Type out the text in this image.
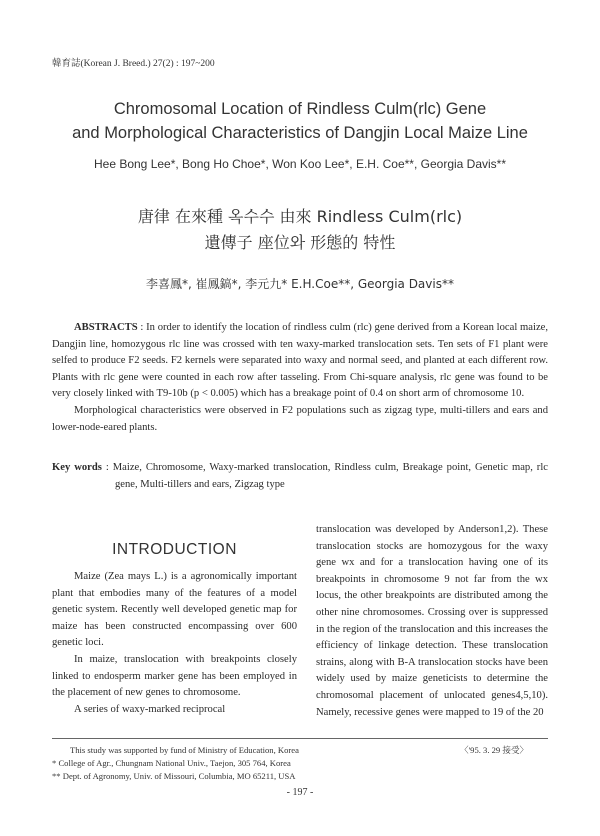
韓育誌(Korean J. Breed.) 27(2) : 197~200
Chromosomal Location of Rindless Culm(rlc) Gene
and Morphological Characteristics of Dangjin Local Maize Line
Hee Bong Lee*, Bong Ho Choe*, Won Koo Lee*, E.H. Coe**, Georgia Davis**
唐律 在來種 옥수수 由來 Rindless Culm(rlc)
遺傳子 座位와 形態的 特性
李喜鳳*, 崔鳳鎬*, 李元九* E.H.Coe**, Georgia Davis**
ABSTRACTS : In order to identify the location of rindless culm (rlc) gene derived from a Korean local maize, Dangjin line, homozygous rlc line was crossed with ten waxy-marked translocation sets. Ten sets of F1 plant were selfed to produce F2 seeds. F2 kernels were separated into waxy and normal seed, and planted at each different row. Plants with rlc gene were counted in each row after tasseling. From Chi-square analysis, rlc gene was found to be very closely linked with T9-10b (p < 0.005) which has a breakage point of 0.4 on short arm of chromosome 10.
Morphological characteristics were observed in F2 populations such as zigzag type, multi-tillers and ears and lower-node-eared plants.
Key words : Maize, Chromosome, Waxy-marked translocation, Rindless culm, Breakage point, Genetic map, rlc gene, Multi-tillers and ears, Zigzag type
INTRODUCTION
Maize (Zea mays L.) is a agronomically important plant that embodies many of the features of a model genetic system. Recently well developed genetic map for maize has been constructed encompassing over 600 genetic loci.
In maize, translocation with breakpoints closely linked to endosperm marker gene has been employed in the placement of new genes to chromosome.
A series of waxy-marked reciprocal
translocation was developed by Anderson1,2). These translocation stocks are homozygous for the waxy gene wx and for a translocation having one of its breakpoints in chromosome 9 not far from the wx locus, the other breakpoints are distributed among the other nine chromosomes. Crossing over is suppressed in the region of the translocation and this increases the efficiency of linkage detection. These translocation strains, along with B-A translocation stocks have been widely used by maize geneticists to determine the chromosomal placement of unlocated genes4,5,10). Namely, recessive genes were mapped to 19 of the 20
This study was supported by fund of Ministry of Education, Korea	〈'95. 3. 29 接受〉
* College of Agr., Chungnam National Univ., Taejon, 305 764, Korea
** Dept. of Agronomy, Univ. of Missouri, Columbia, MO 65211, USA
- 197 -
